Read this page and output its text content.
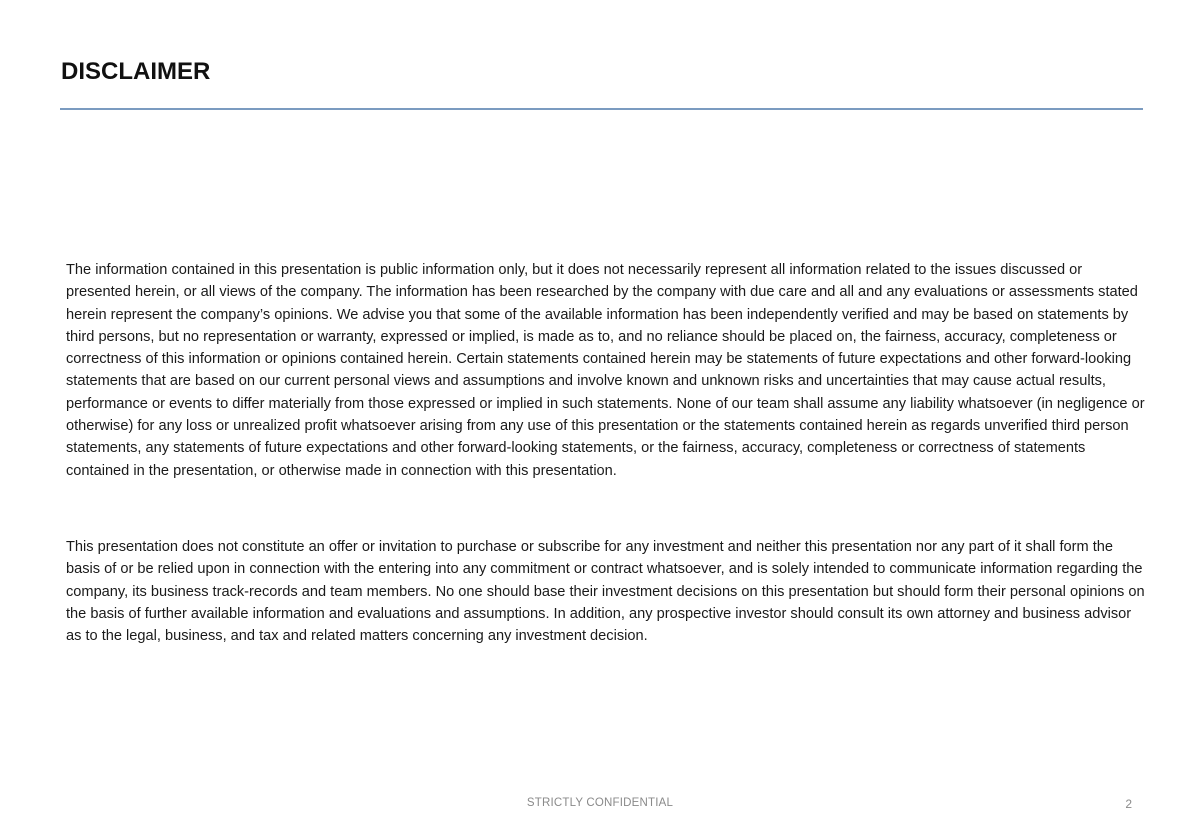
DISCLAIMER

The information contained in this presentation is public information only, but it does not necessarily represent all information related to the issues discussed or presented herein, or all views of the company. The information has been researched by the company with due care and all and any evaluations or assessments stated herein represent the company’s opinions. We advise you that some of the available information has been independently verified and may be based on statements by third persons, but no representation or warranty, expressed or implied, is made as to, and no reliance should be placed on, the fairness, accuracy, completeness or correctness of this information or opinions contained herein. Certain statements contained herein may be statements of future expectations and other forward-looking statements that are based on our current personal views and assumptions and involve known and unknown risks and uncertainties that may cause actual results, performance or events to differ materially from those expressed or implied in such statements. None of our team shall assume any liability whatsoever (in negligence or otherwise) for any loss or unrealized profit whatsoever arising from any use of this presentation or the statements contained herein as regards unverified third person statements, any statements of future expectations and other forward-looking statements, or the fairness, accuracy, completeness or correctness of statements contained in the presentation, or otherwise made in connection with this presentation.

This presentation does not constitute an offer or invitation to purchase or subscribe for any investment and neither this presentation nor any part of it shall form the basis of or be relied upon in connection with the entering into any commitment or contract whatsoever, and is solely intended to communicate information regarding the company, its business track-records and team members. No one should base their investment decisions on this presentation but should form their personal opinions on the basis of further available information and evaluations and assumptions. In addition, any prospective investor should consult its own attorney and business advisor as to the legal, business, and tax and related matters concerning any investment decision.

STRICTLY CONFIDENTIAL	2
